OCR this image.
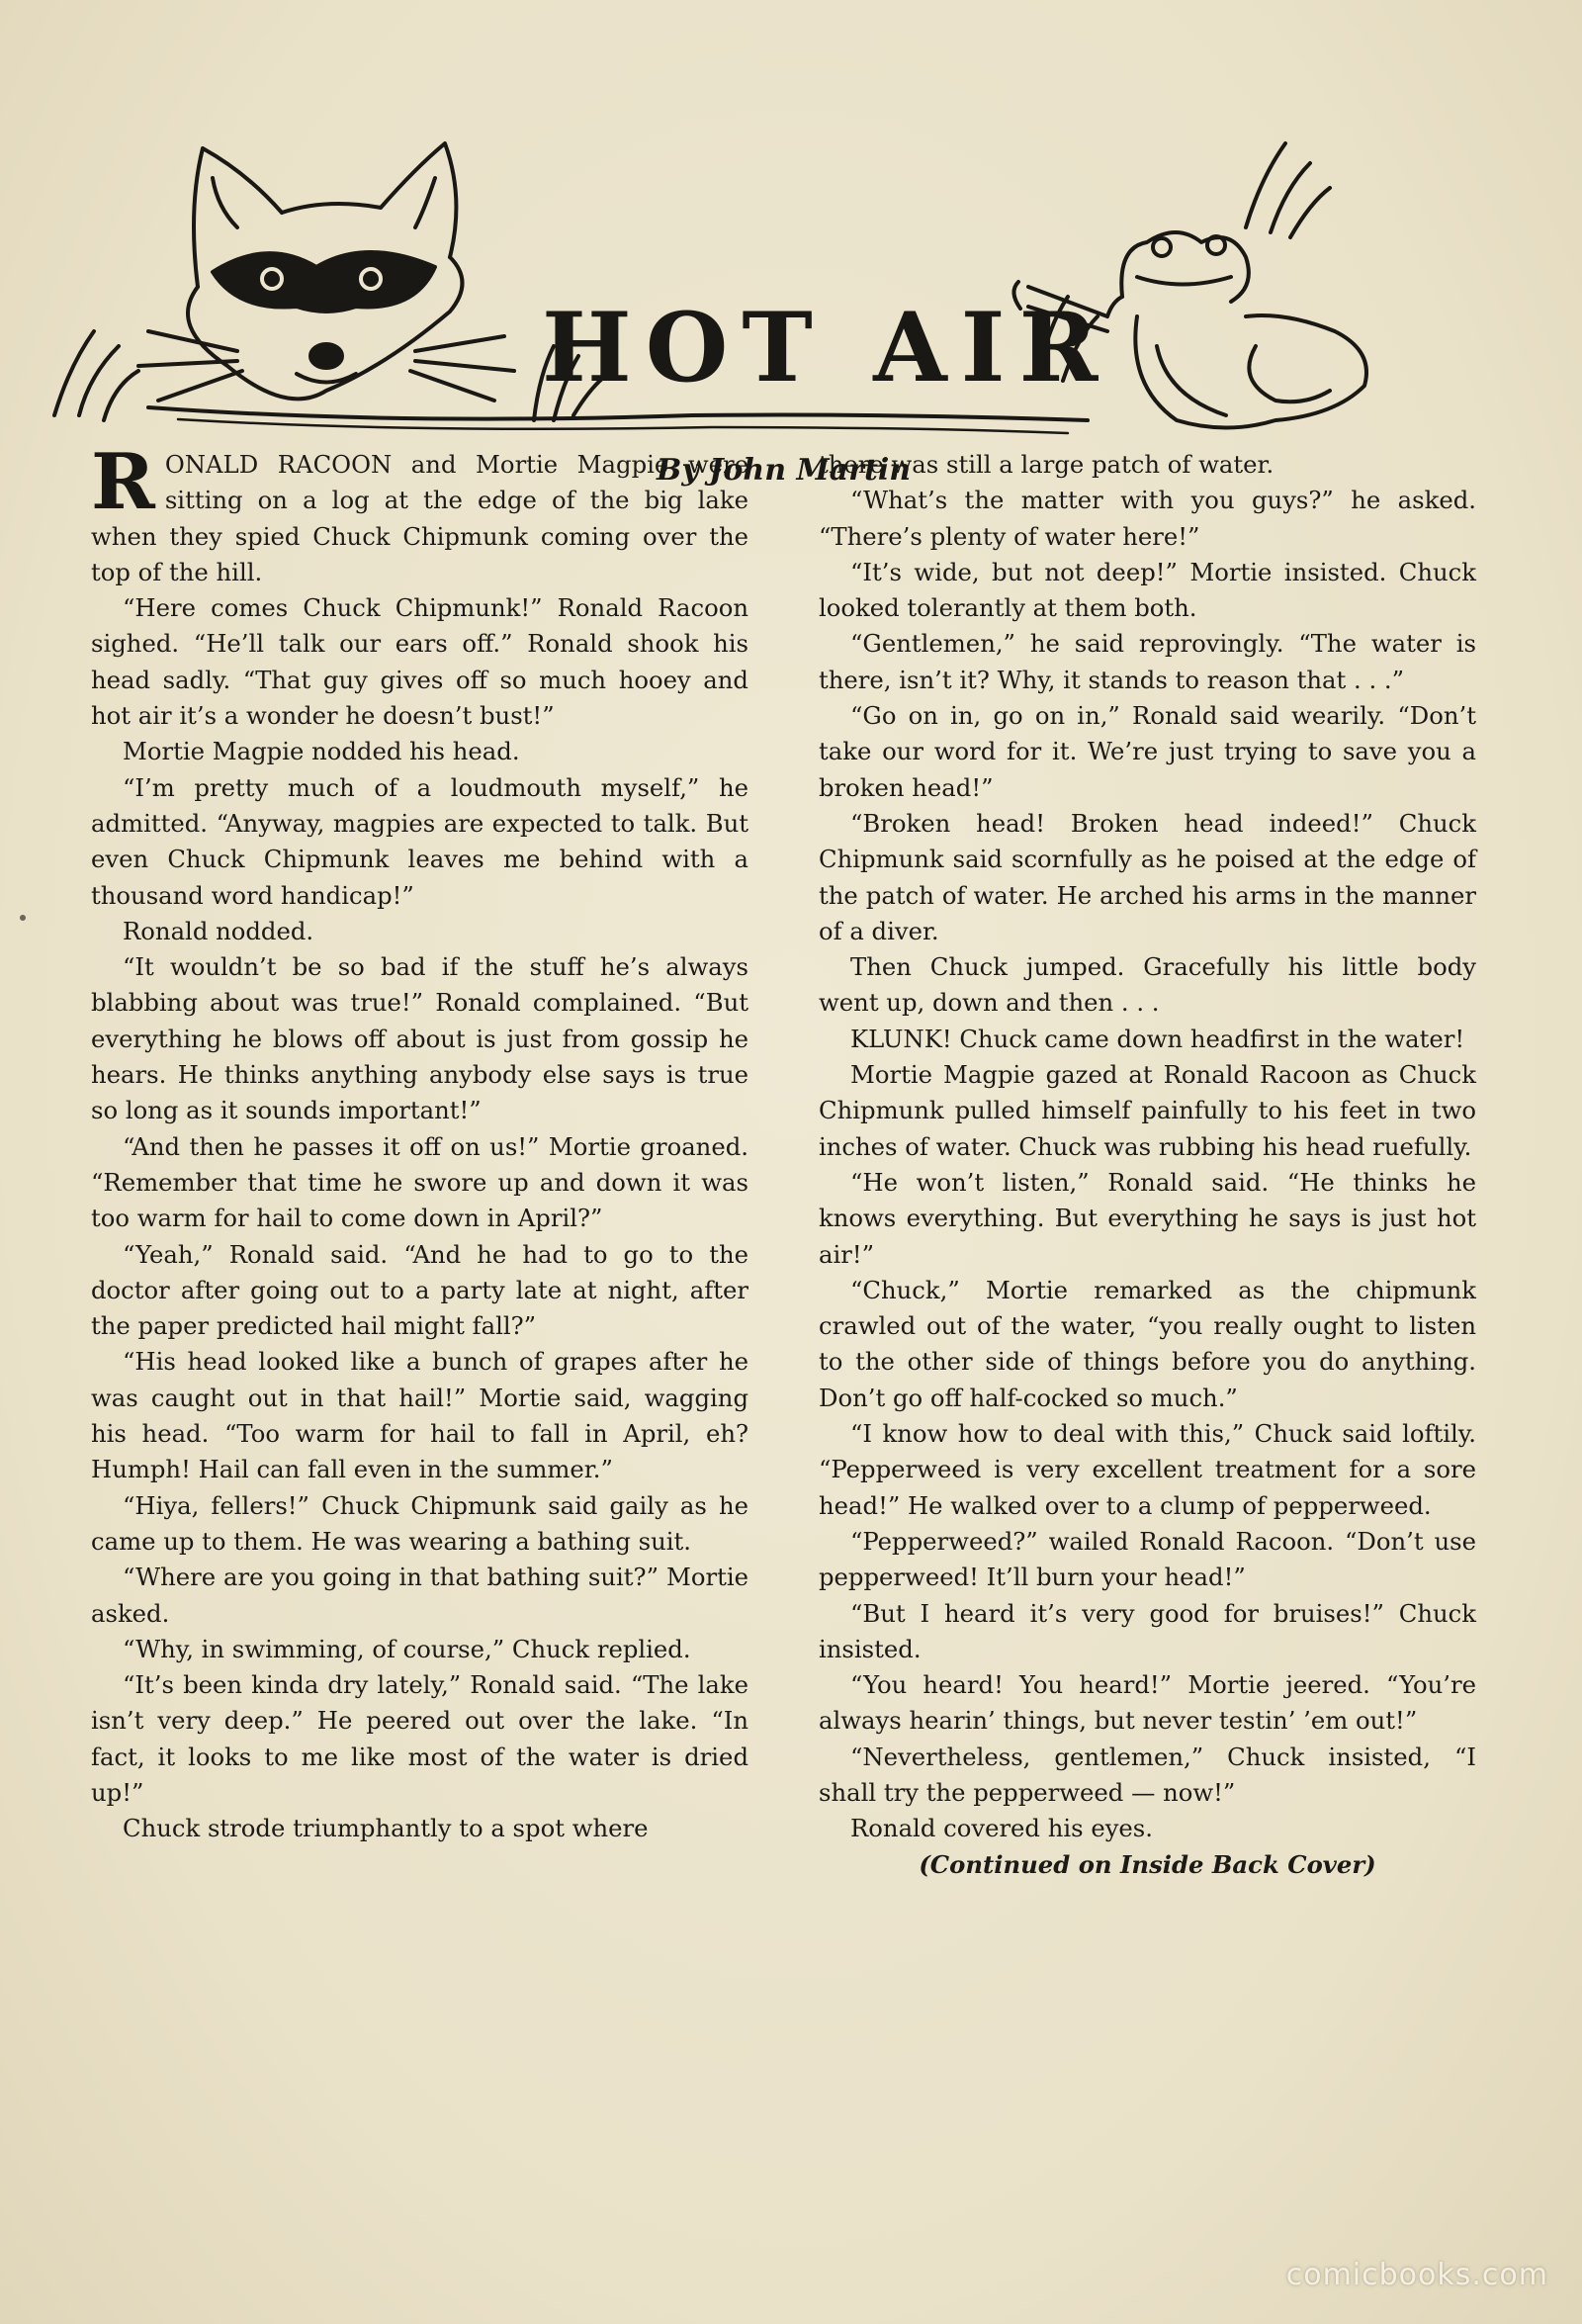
HOT AIR
By John Martin

RONALD RACOON and Mortie Magpie were sitting on a log at the edge of the big lake when they spied Chuck Chipmunk coming over the top of the hill.

“Here comes Chuck Chipmunk!” Ronald Racoon sighed. “He’ll talk our ears off.” Ronald shook his head sadly. “That guy gives off so much hooey and hot air it’s a wonder he doesn’t bust!”

Mortie Magpie nodded his head.

“I’m pretty much of a loudmouth myself,” he admitted. “Anyway, magpies are expected to talk. But even Chuck Chipmunk leaves me behind with a thousand word handicap!”

Ronald nodded.

“It wouldn’t be so bad if the stuff he’s always blabbing about was true!” Ronald complained. “But everything he blows off about is just from gossip he hears. He thinks anything anybody else says is true so long as it sounds important!”

“And then he passes it off on us!” Mortie groaned. “Remember that time he swore up and down it was too warm for hail to come down in April?”

“Yeah,” Ronald said. “And he had to go to the doctor after going out to a party late at night, after the paper predicted hail might fall?”

“His head looked like a bunch of grapes after he was caught out in that hail!” Mortie said, wagging his head. “Too warm for hail to fall in April, eh? Humph! Hail can fall even in the summer.”

“Hiya, fellers!” Chuck Chipmunk said gaily as he came up to them. He was wearing a bathing suit.

“Where are you going in that bathing suit?” Mortie asked.

“Why, in swimming, of course,” Chuck replied.

“It’s been kinda dry lately,” Ronald said. “The lake isn’t very deep.” He peered out over the lake. “In fact, it looks to me like most of the water is dried up!”

Chuck strode triumphantly to a spot where

there was still a large patch of water.

“What’s the matter with you guys?” he asked. “There’s plenty of water here!”

“It’s wide, but not deep!” Mortie insisted. Chuck looked tolerantly at them both.

“Gentlemen,” he said reprovingly. “The water is there, isn’t it? Why, it stands to reason that . . .”

“Go on in, go on in,” Ronald said wearily. “Don’t take our word for it. We’re just trying to save you a broken head!”

“Broken head! Broken head indeed!” Chuck Chipmunk said scornfully as he poised at the edge of the patch of water. He arched his arms in the manner of a diver.

Then Chuck jumped. Gracefully his little body went up, down and then . . .

KLUNK! Chuck came down headfirst in the water!

Mortie Magpie gazed at Ronald Racoon as Chuck Chipmunk pulled himself painfully to his feet in two inches of water. Chuck was rubbing his head ruefully.

“He won’t listen,” Ronald said. “He thinks he knows everything. But everything he says is just hot air!”

“Chuck,” Mortie remarked as the chipmunk crawled out of the water, “you really ought to listen to the other side of things before you do anything. Don’t go off half-cocked so much.”

“I know how to deal with this,” Chuck said loftily. “Pepperweed is very excellent treatment for a sore head!” He walked over to a clump of pepperweed.

“Pepperweed?” wailed Ronald Racoon. “Don’t use pepperweed! It’ll burn your head!”

“But I heard it’s very good for bruises!” Chuck insisted.

“You heard! You heard!” Mortie jeered. “You’re always hearin’ things, but never testin’ ’em out!”

“Nevertheless, gentlemen,” Chuck insisted, “I shall try the pepperweed — now!”

Ronald covered his eyes.

(Continued on Inside Back Cover)

comicbooks.com
